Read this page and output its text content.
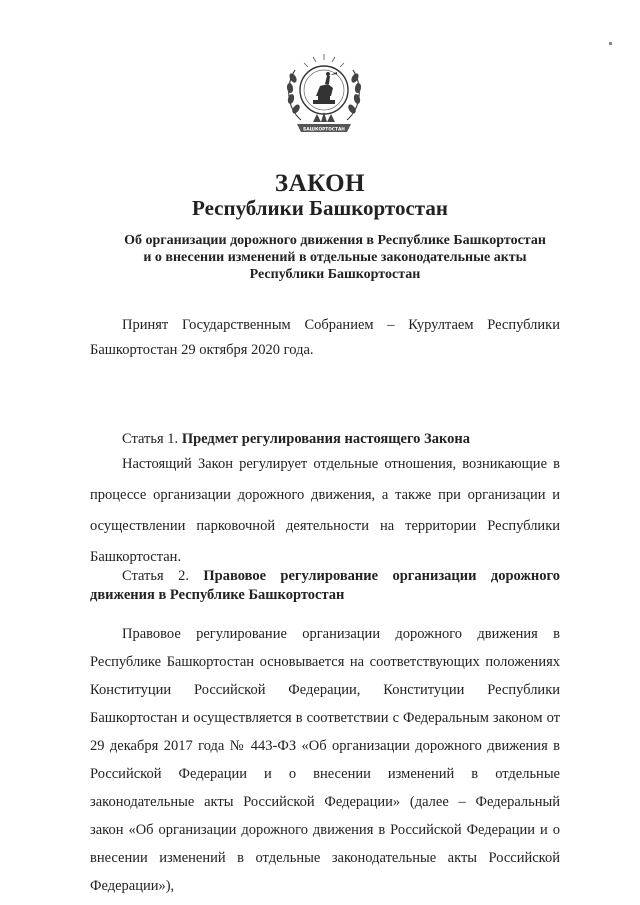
БАШКОРТОСТАН
ЗАКОН
Республики Башкортостан

Об организации дорожного движения в Республике Башкортостан
и о внесении изменений в отдельные законодательные акты
Республики Башкортостан

Принят Государственным Собранием – Курултаем Республики Башкортостан 29 октября 2020 года.

Статья 1. Предмет регулирования настоящего Закона

Настоящий Закон регулирует отдельные отношения, возникающие в процессе организации дорожного движения, а также при организации и осуществлении парковочной деятельности на территории Республики Башкортостан.

Статья 2. Правовое регулирование организации дорожного движения в Республике Башкортостан

Правовое регулирование организации дорожного движения в Республике Башкортостан основывается на соответствующих положениях Конституции Российской Федерации, Конституции Республики Башкортостан и осуществляется в соответствии с Федеральным законом от 29 декабря 2017 года № 443-ФЗ «Об организации дорожного движения в Российской Федерации и о внесении изменений в отдельные законодательные акты Российской Федерации» (далее – Федеральный закон «Об организации дорожного движения в Российской Федерации и о внесении изменений в отдельные законодательные акты Российской Федерации»),
